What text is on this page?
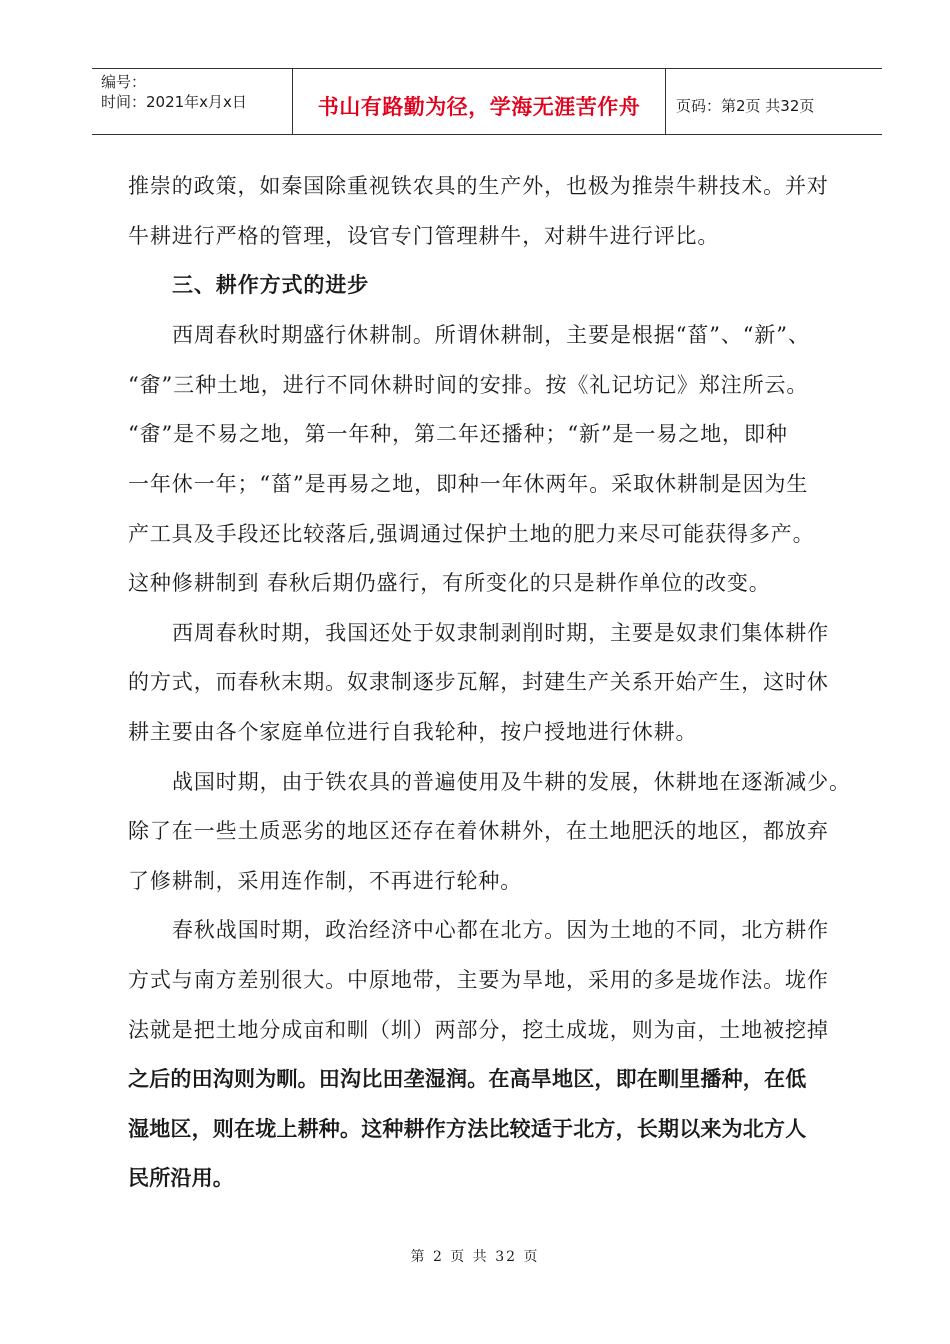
编号：
时间：2021年x月x日	书山有路勤为径，学海无涯苦作舟	页码：第2页 共32页
推崇的政策，如秦国除重视铁农具的生产外，也极为推崇牛耕技术。并对
牛耕进行严格的管理，设官专门管理耕牛，对耕牛进行评比。
三、耕作方式的进步
西周春秋时期盛行休耕制。所谓休耕制，主要是根据“菑”、“新”、
“畬”三种土地，进行不同休耕时间的安排。按《礼记坊记》郑注所云。
“畬”是不易之地，第一年种，第二年还播种；“新”是一易之地，即种
一年休一年；“菑”是再易之地，即种一年休两年。采取休耕制是因为生
产工具及手段还比较落后,强调通过保护土地的肥力来尽可能获得多产。
这种修耕制到 春秋后期仍盛行，有所变化的只是耕作单位的改变。
西周春秋时期，我国还处于奴隶制剥削时期，主要是奴隶们集体耕作
的方式，而春秋末期。奴隶制逐步瓦解，封建生产关系开始产生，这时休
耕主要由各个家庭单位进行自我轮种，按户授地进行休耕。
战国时期，由于铁农具的普遍使用及牛耕的发展，休耕地在逐渐减少。
除了在一些土质恶劣的地区还存在着休耕外，在土地肥沃的地区，都放弃
了修耕制，采用连作制，不再进行轮种。
春秋战国时期，政治经济中心都在北方。因为土地的不同，北方耕作
方式与南方差别很大。中原地带，主要为旱地，采用的多是垅作法。垅作
法就是把土地分成亩和甽（圳）两部分，挖土成垅，则为亩，土地被挖掉
之后的田沟则为甽。田沟比田垄湿润。在高旱地区，即在甽里播种，在低
湿地区，则在垅上耕种。这种耕作方法比较适于北方，长期以来为北方人
民所沿用。
第 2 页 共 32 页
